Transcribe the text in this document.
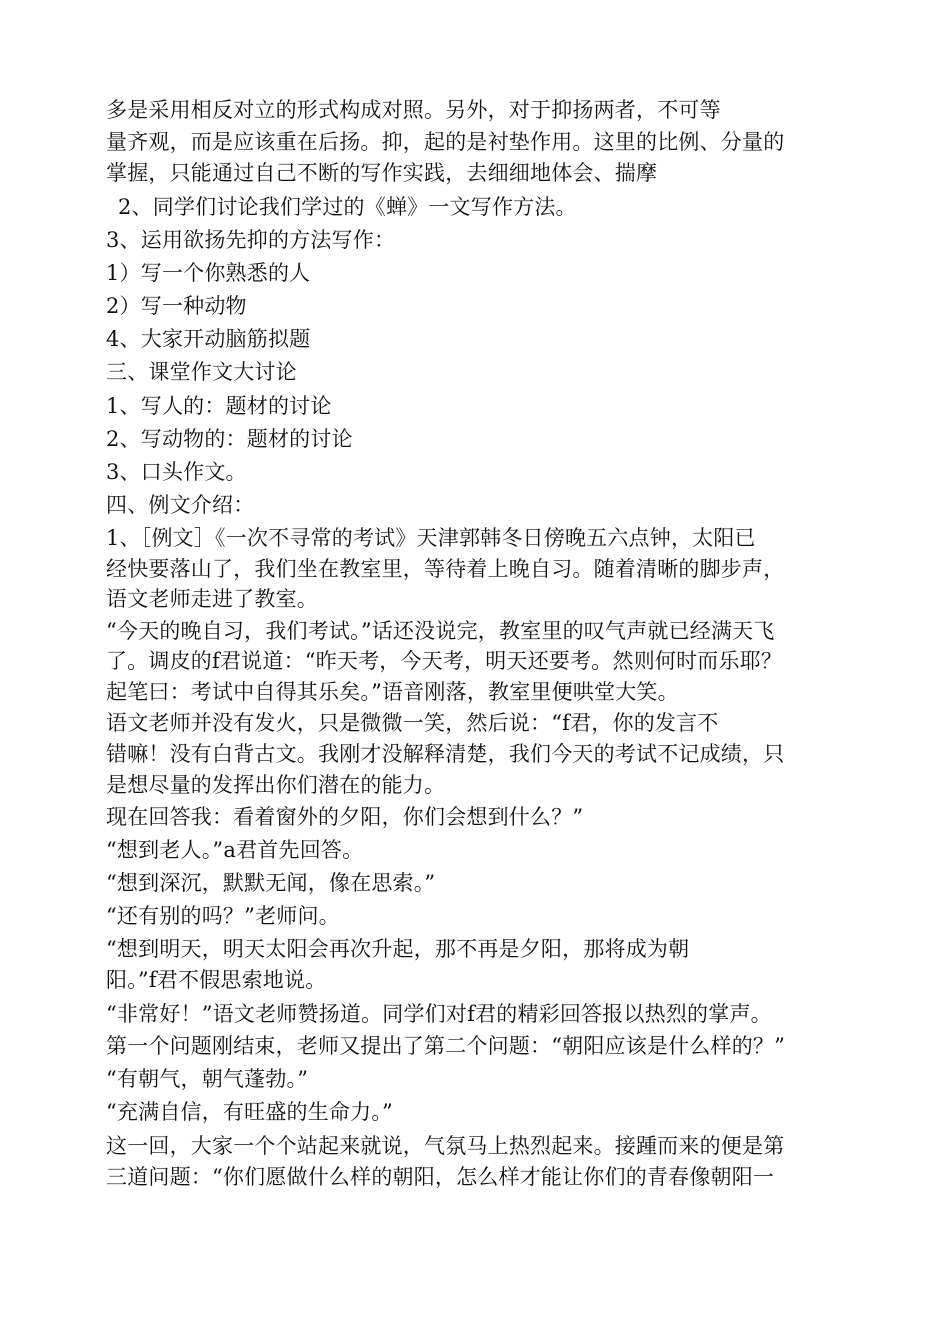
多是采用相反对立的形式构成对照。另外，对于抑扬两者，不可等

量齐观，而是应该重在后扬。抑，起的是衬垫作用。这里的比例、分量的

掌握，只能通过自己不断的写作实践，去细细地体会、揣摩

2、同学们讨论我们学过的《蝉》一文写作方法。

3、运用欲扬先抑的方法写作：

1）写一个你熟悉的人

2）写一种动物

4、大家开动脑筋拟题

三、课堂作文大讨论

1、写人的：题材的讨论

2、写动物的：题材的讨论

3、口头作文。

四、例文介绍：

1、［例文］《一次不寻常的考试》天津郭韩冬日傍晚五六点钟，太阳已

经快要落山了，我们坐在教室里，等待着上晚自习。随着清晰的脚步声，

语文老师走进了教室。

“今天的晚自习，我们考试。”话还没说完，教室里的叹气声就已经满天飞

了。调皮的f君说道：“昨天考，今天考，明天还要考。然则何时而乐耶？

起笔曰：考试中自得其乐矣。”语音刚落，教室里便哄堂大笑。

语文老师并没有发火，只是微微一笑，然后说：“f君，你的发言不

错嘛！没有白背古文。我刚才没解释清楚，我们今天的考试不记成绩，只

是想尽量的发挥出你们潜在的能力。

现在回答我：看着窗外的夕阳，你们会想到什么？”

“想到老人。”a君首先回答。

“想到深沉，默默无闻，像在思索。”

“还有别的吗？”老师问。

“想到明天，明天太阳会再次升起，那不再是夕阳，那将成为朝

阳。”f君不假思索地说。

“非常好！”语文老师赞扬道。同学们对f君的精彩回答报以热烈的掌声。

第一个问题刚结束，老师又提出了第二个问题：“朝阳应该是什么样的？”

“有朝气，朝气蓬勃。”

“充满自信，有旺盛的生命力。”

这一回，大家一个个站起来就说，气氛马上热烈起来。接踵而来的便是第

三道问题：“你们愿做什么样的朝阳，怎么样才能让你们的青春像朝阳一
